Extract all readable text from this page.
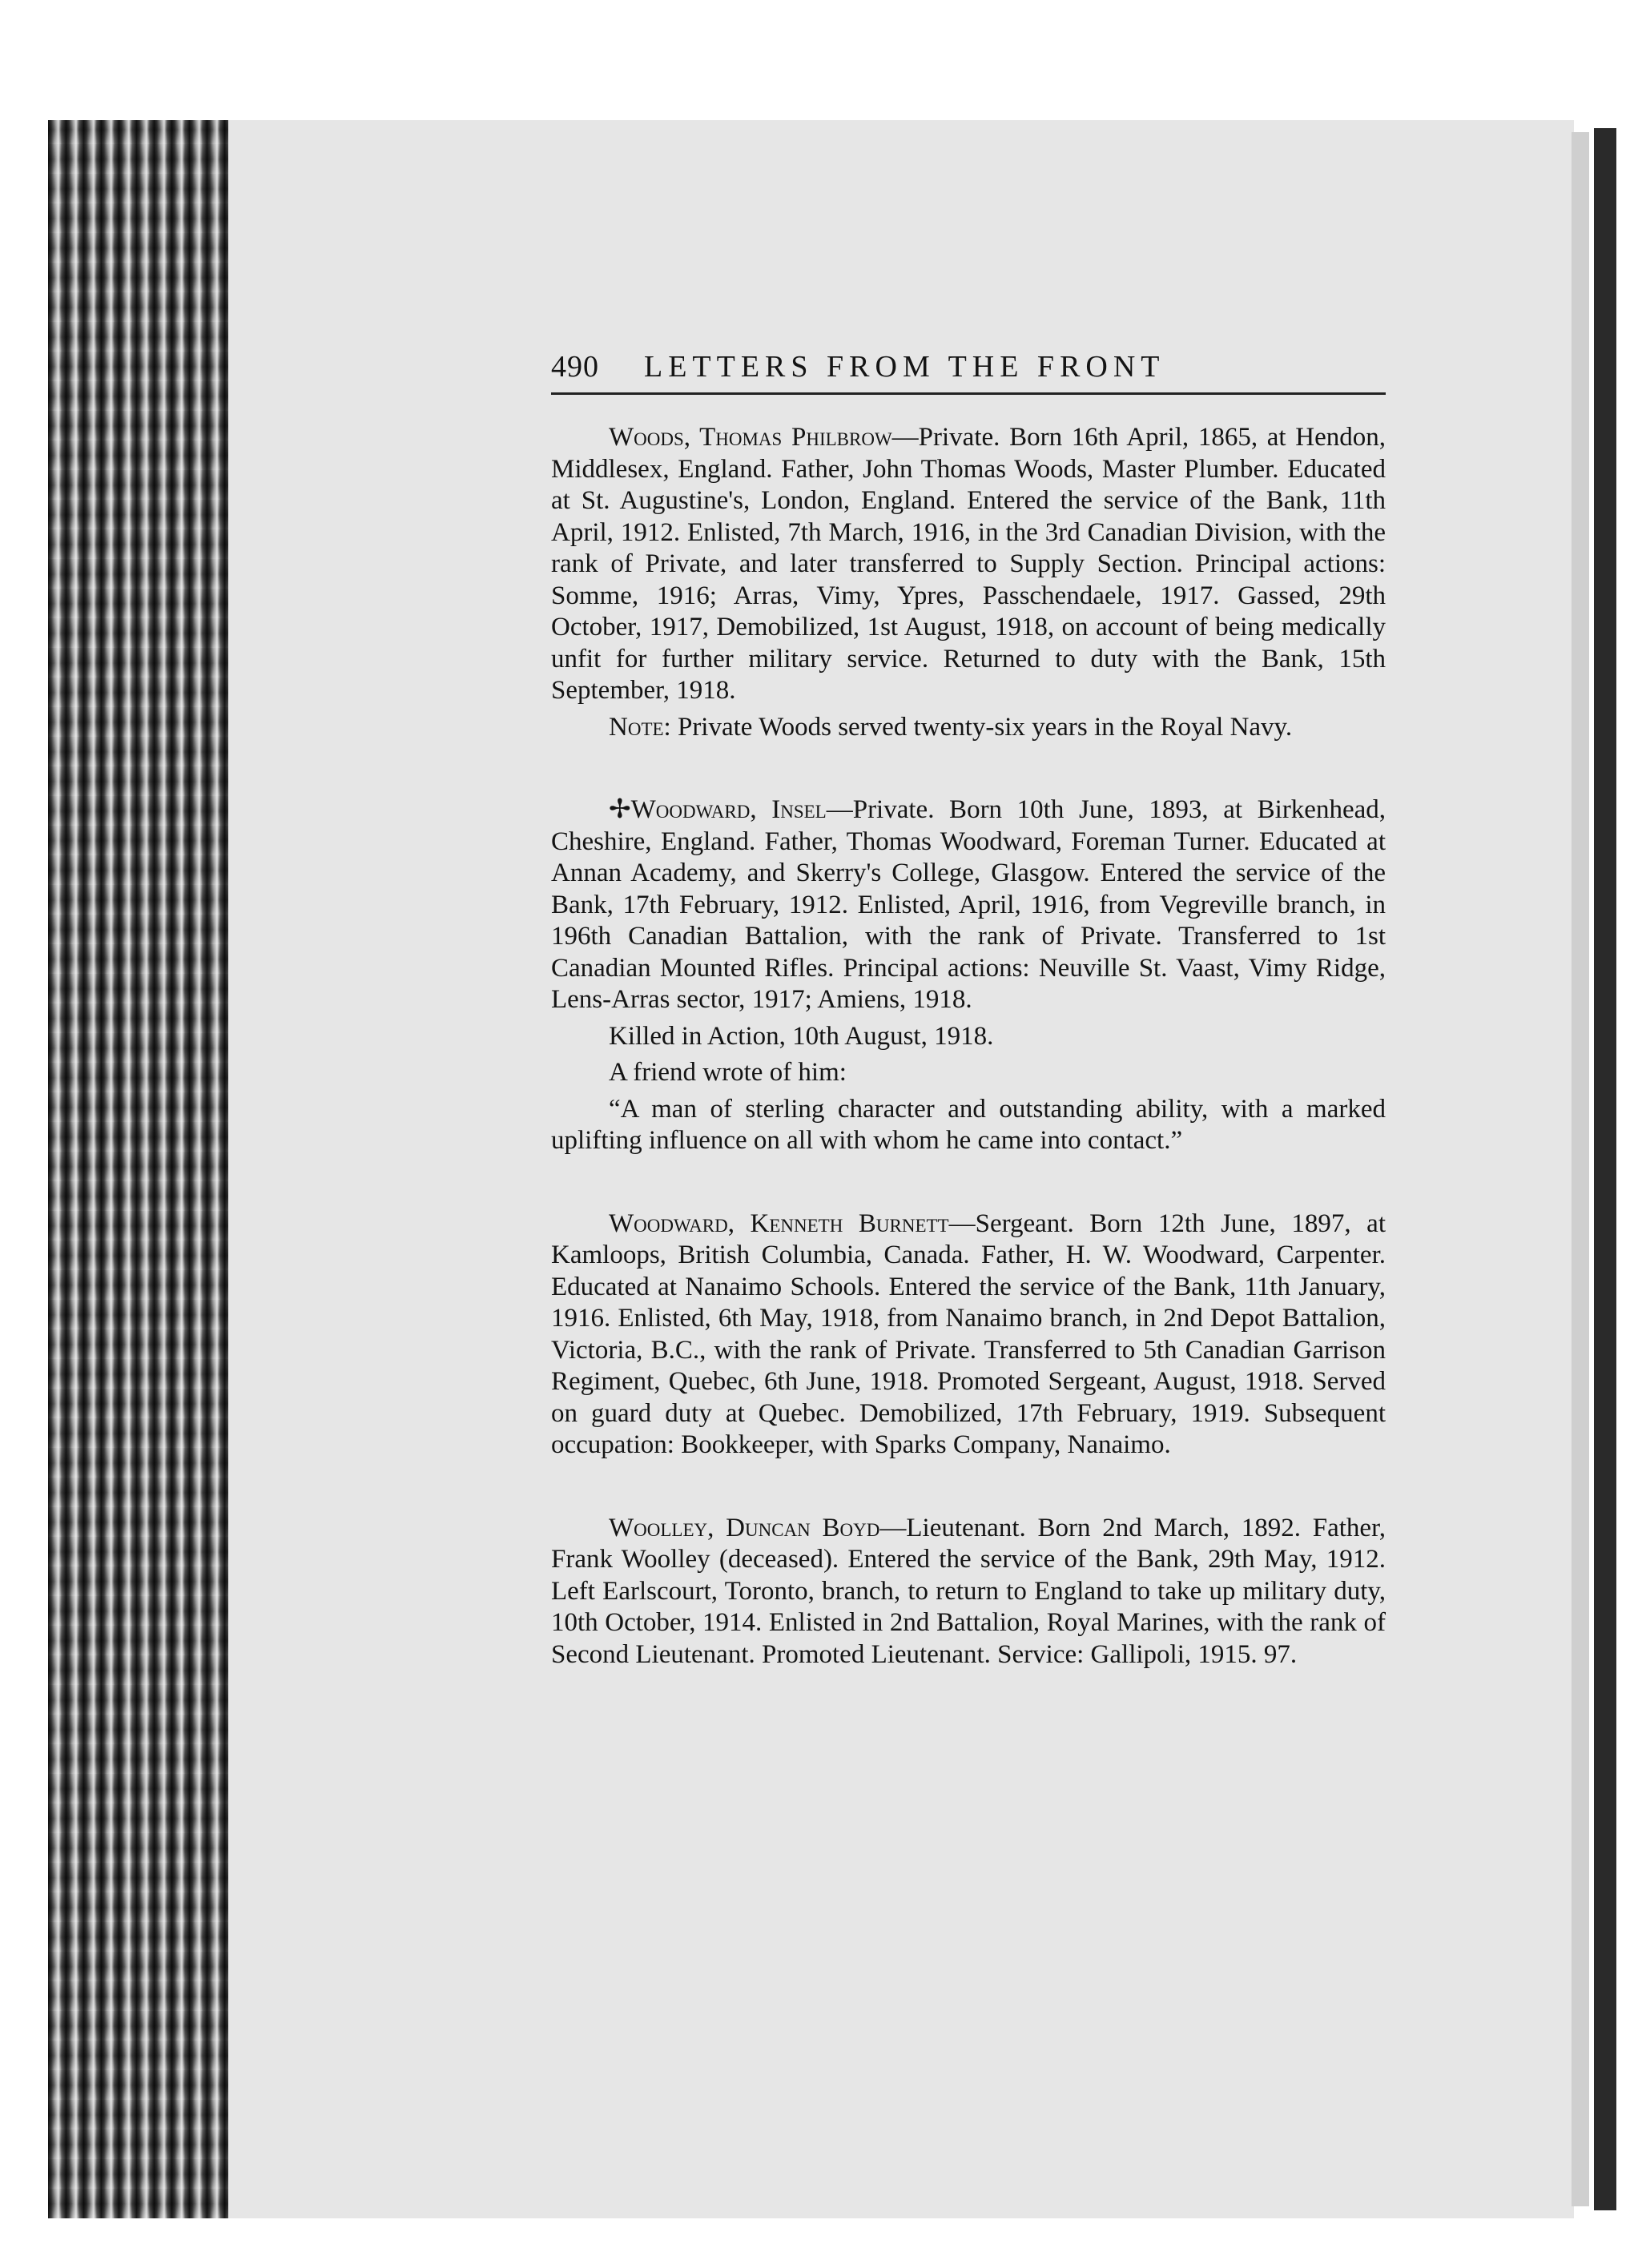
490 LETTERS FROM THE FRONT

Woods, Thomas Philbrow—Private. Born 16th April, 1865, at Hendon, Middlesex, England. Father, John Thomas Woods, Master Plumber. Educated at St. Augustine's, London, England. Entered the service of the Bank, 11th April, 1912. Enlisted, 7th March, 1916, in the 3rd Canadian Division, with the rank of Private, and later transferred to Supply Section. Principal actions: Somme, 1916; Arras, Vimy, Ypres, Passchendaele, 1917. Gassed, 29th October, 1917, Demobilized, 1st August, 1918, on account of being medically unfit for further military service. Returned to duty with the Bank, 15th September, 1918.

Note: Private Woods served twenty-six years in the Royal Navy.

✢Woodward, Insel—Private. Born 10th June, 1893, at Birkenhead, Cheshire, England. Father, Thomas Woodward, Foreman Turner. Educated at Annan Academy, and Skerry's College, Glasgow. Entered the service of the Bank, 17th February, 1912. Enlisted, April, 1916, from Vegreville branch, in 196th Canadian Battalion, with the rank of Private. Transferred to 1st Canadian Mounted Rifles. Principal actions: Neuville St. Vaast, Vimy Ridge, Lens-Arras sector, 1917; Amiens, 1918.

Killed in Action, 10th August, 1918.

A friend wrote of him:

“A man of sterling character and outstanding ability, with a marked uplifting influence on all with whom he came into contact.”

Woodward, Kenneth Burnett—Sergeant. Born 12th June, 1897, at Kamloops, British Columbia, Canada. Father, H. W. Woodward, Carpenter. Educated at Nanaimo Schools. Entered the service of the Bank, 11th January, 1916. Enlisted, 6th May, 1918, from Nanaimo branch, in 2nd Depot Battalion, Victoria, B.C., with the rank of Private. Transferred to 5th Canadian Garrison Regiment, Quebec, 6th June, 1918. Promoted Sergeant, August, 1918. Served on guard duty at Quebec. Demobilized, 17th February, 1919. Subsequent occupation: Bookkeeper, with Sparks Company, Nanaimo.

Woolley, Duncan Boyd—Lieutenant. Born 2nd March, 1892. Father, Frank Woolley (deceased). Entered the service of the Bank, 29th May, 1912. Left Earlscourt, Toronto, branch, to return to England to take up military duty, 10th October, 1914. Enlisted in 2nd Battalion, Royal Marines, with the rank of Second Lieutenant. Promoted Lieutenant. Service: Gallipoli, 1915. 97.
